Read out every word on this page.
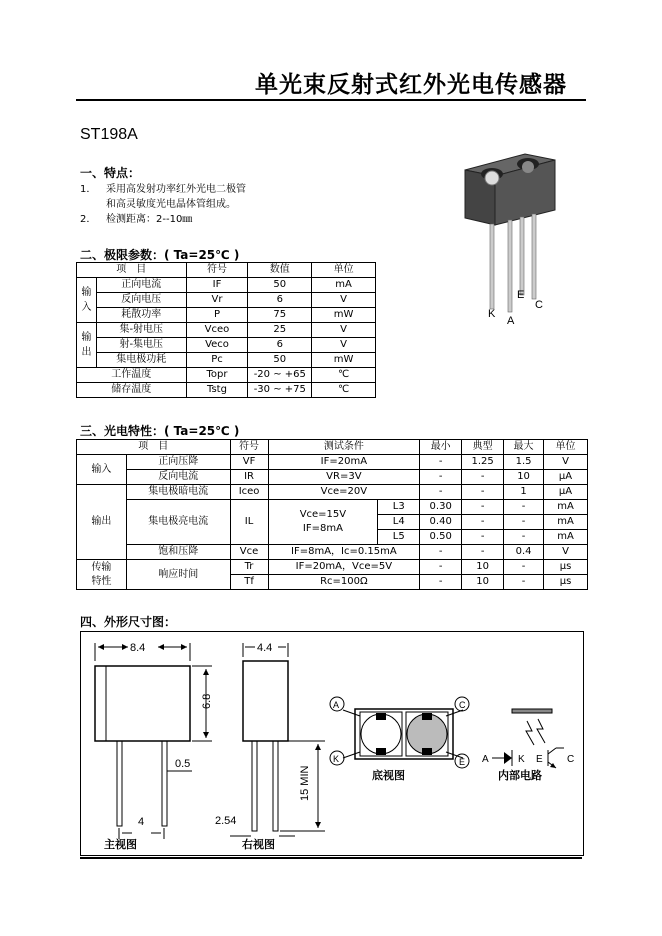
单光束反射式红外光电传感器
ST198A
一、特点：
1． 采用高发射功率红外光电二极管
和高灵敏度光电晶体管组成。
2． 检测距离：2--10㎜
K
A
E
C
二、极限参数：( Ta=25℃ )
项　目		符号	数值	单位
输入	正向电流	IF	50	mA
	反向电压	Vr	6	V
	耗散功率	P	75	mW
输出	集-射电压	Vceo	25	V
	射-集电压	Veco	6	V
	集电极功耗	Pc	50	mW
工作温度		Topr	-20 ~ +65	℃
储存温度		Tstg	-30 ~ +75	℃
三、光电特性：( Ta=25℃ )
项　目		符号	测试条件		最小	典型	最大	单位
输入	正向压降	VF	IF=20mA		-	1.25	1.5	V
	反向电流	IR	VR=3V		-	-	10	μA
输出	集电极暗电流	Iceo	Vce=20V		-	-	1	μA
	集电极亮电流	IL	Vce=15V
IF=8mA	L3	0.30	-	-	mA
				L4	0.40	-	-	mA
				L5	0.50	-	-	mA
	饱和压降	Vce	IF=8mA，Ic=0.15mA		-	-	0.4	V

传输
特性	响应时间	Tr	IF=20mA，Vce=5V		-	10	-	μs
		Tf	Rc=100Ω		-	10	-	μs
四、外形尺寸图：
8.4
6.8
0.5
4
主视图
4.4
15 MIN
2.54
右视图
A	C
K	E
底视图
A	K E C
内部电路
